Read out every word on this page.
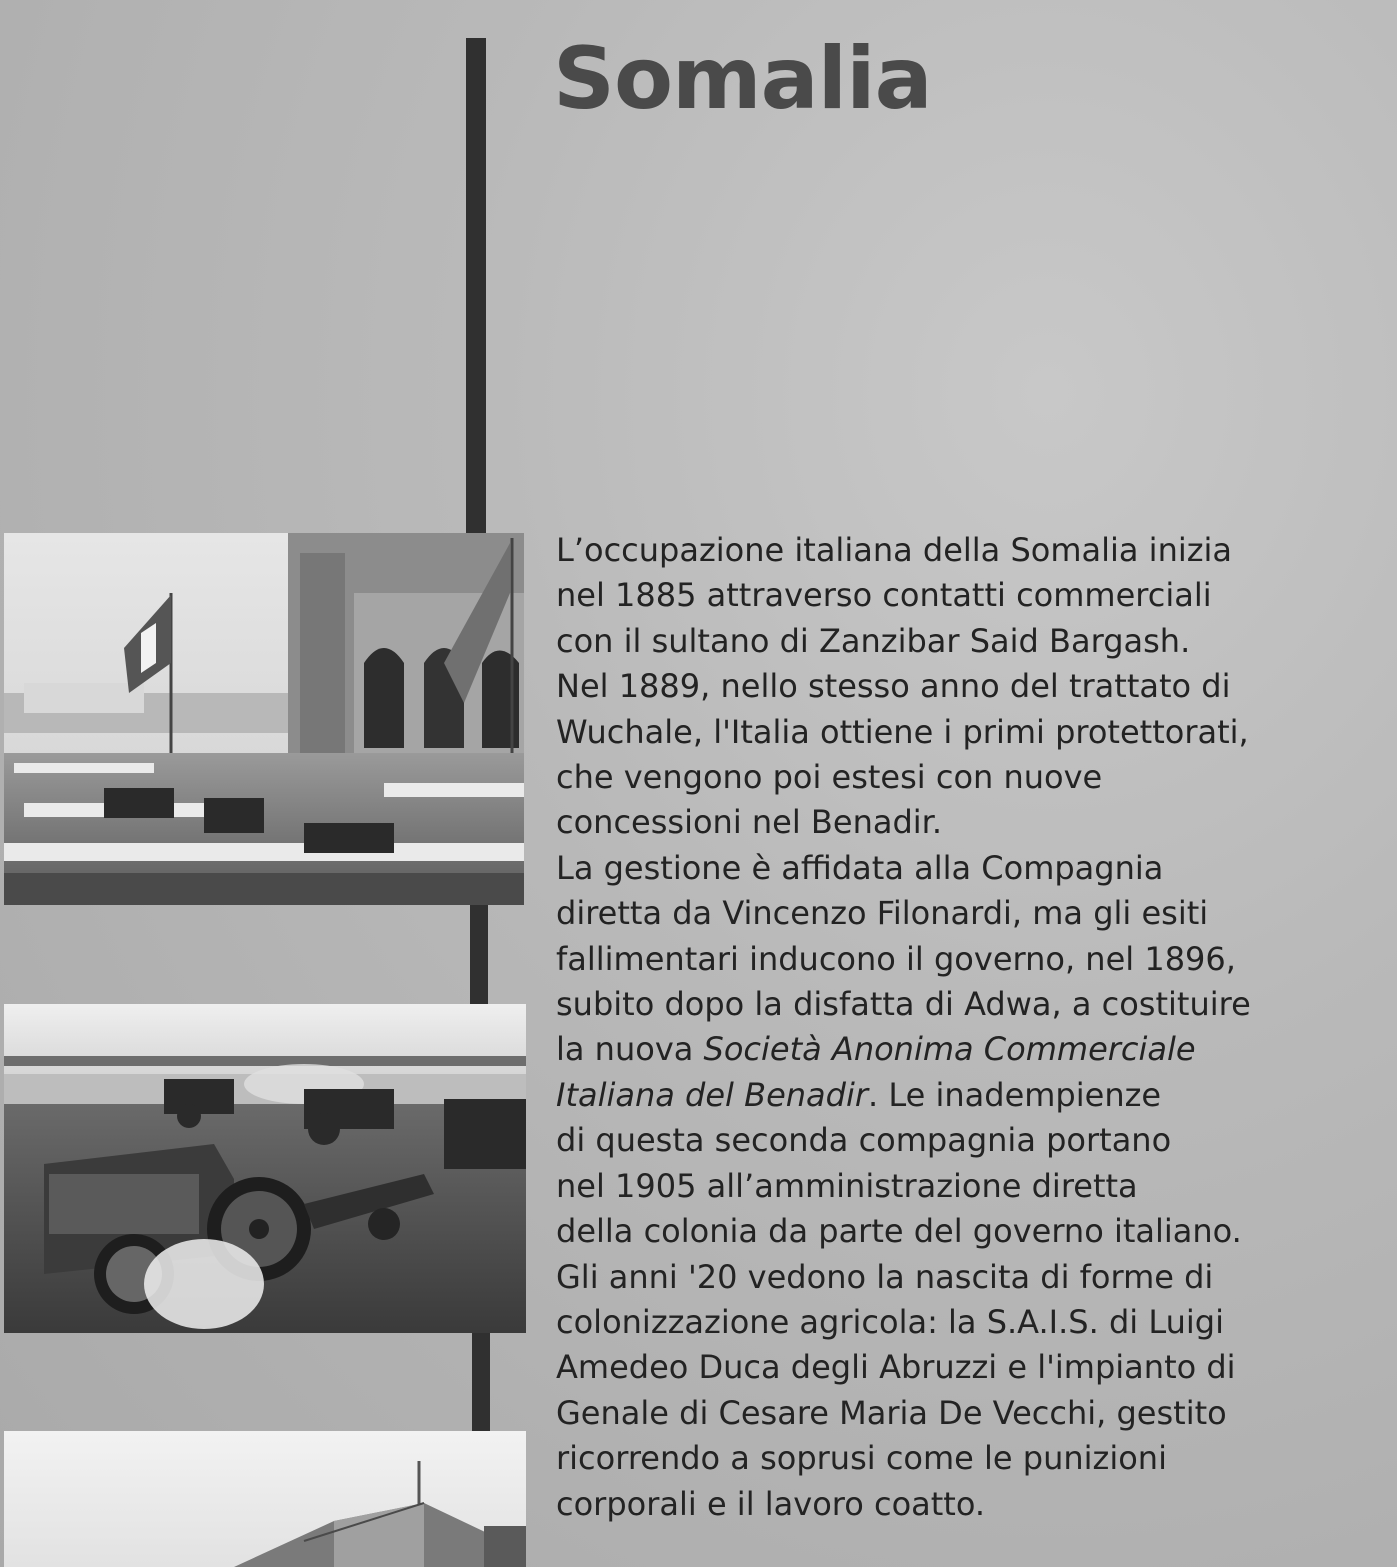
Somalia
L’occupazione italiana della Somalia inizia
nel 1885 attraverso contatti commerciali
con il sultano di Zanzibar Said Bargash.
Nel 1889, nello stesso anno del trattato di
Wuchale, l'Italia ottiene i primi protettorati,
che vengono poi estesi con nuove
concessioni nel Benadir.
La gestione è affidata alla Compagnia
diretta da Vincenzo Filonardi, ma gli esiti
fallimentari inducono il governo, nel 1896,
subito dopo la disfatta di Adwa, a costituire
la nuova Società Anonima Commerciale
Italiana del Benadir. Le inadempienze
di questa seconda compagnia portano
nel 1905 all’amministrazione diretta
della colonia da parte del governo italiano.
Gli anni '20 vedono la nascita di forme di
colonizzazione agricola: la S.A.I.S. di Luigi
Amedeo Duca degli Abruzzi e l'impianto di
Genale di Cesare Maria De Vecchi, gestito
ricorrendo a soprusi come le punizioni
corporali e il lavoro coatto.
